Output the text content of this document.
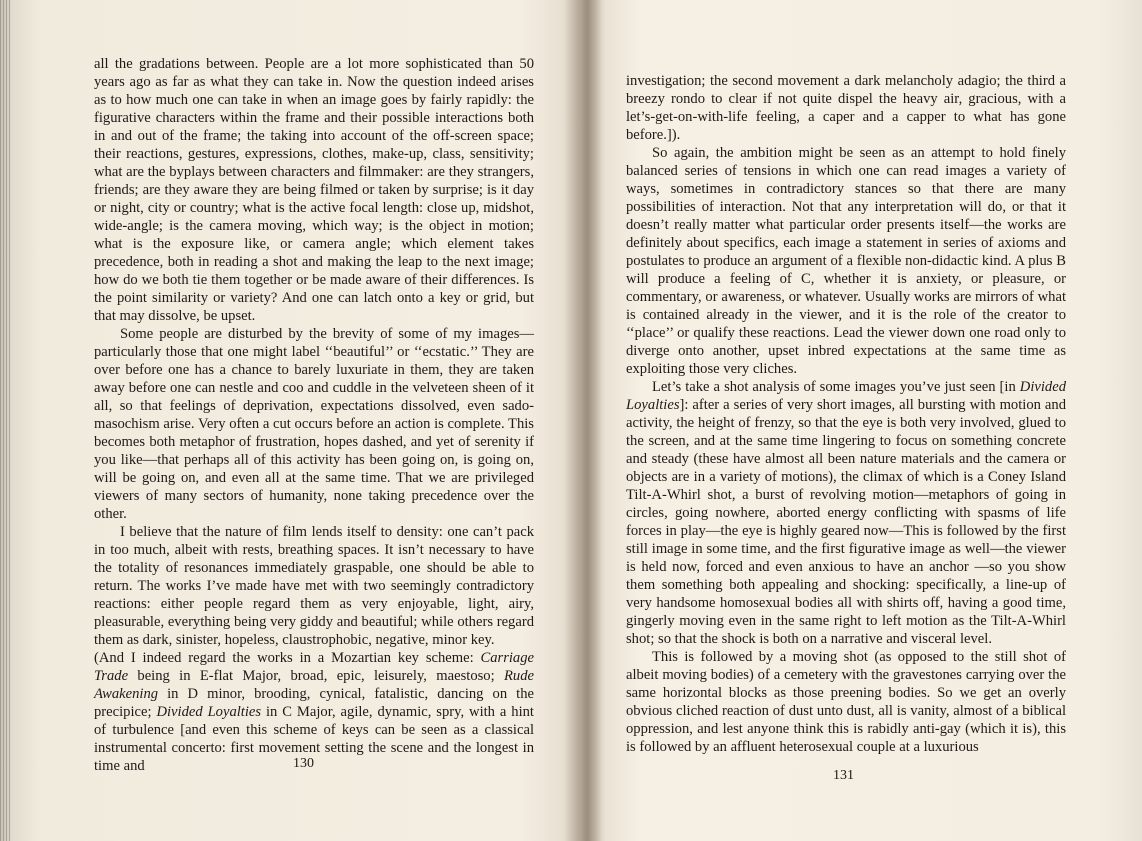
all the gradations between. People are a lot more sophisticated than 50 years ago as far as what they can take in. Now the question indeed arises as to how much one can take in when an image goes by fairly rapidly: the figurative characters within the frame and their possible interactions both in and out of the frame; the taking into account of the off-screen space; their reactions, gestures, expressions, clothes, make-up, class, sensitivity; what are the byplays between characters and filmmaker: are they strangers, friends; are they aware they are being filmed or taken by surprise; is it day or night, city or country; what is the active focal length: close up, midshot, wide-angle; is the camera moving, which way; is the object in motion; what is the exposure like, or camera angle; which element takes precedence, both in reading a shot and making the leap to the next image; how do we both tie them together or be made aware of their differences. Is the point similarity or variety? And one can latch onto a key or grid, but that may dissolve, be upset.

Some people are disturbed by the brevity of some of my images— particularly those that one might label ‘‘beautiful’’ or ‘‘ecstatic.’’ They are over before one has a chance to barely luxuriate in them, they are taken away before one can nestle and coo and cuddle in the velveteen sheen of it all, so that feelings of deprivation, expectations dissolved, even sado-masochism arise. Very often a cut occurs before an action is complete. This becomes both metaphor of frustration, hopes dashed, and yet of serenity if you like—that perhaps all of this activity has been going on, is going on, will be going on, and even all at the same time. That we are privileged viewers of many sectors of humanity, none taking precedence over the other.

I believe that the nature of film lends itself to density: one can’t pack in too much, albeit with rests, breathing spaces. It isn’t necessary to have the totality of resonances immediately graspable, one should be able to return. The works I’ve made have met with two seemingly contradictory reactions: either people regard them as very enjoyable, light, airy, pleasurable, everything being very giddy and beautiful; while others regard them as dark, sinister, hopeless, claustrophobic, negative, minor key.

(And I indeed regard the works in a Mozartian key scheme: Carriage Trade being in E-flat Major, broad, epic, leisurely, maestoso; Rude Awakening in D minor, brooding, cynical, fatalistic, dancing on the precipice; Divided Loyalties in C Major, agile, dynamic, spry, with a hint of turbulence [and even this scheme of keys can be seen as a classical instrumental concerto: first movement setting the scene and the longest in time and	130

investigation; the second movement a dark melancholy adagio; the third a breezy rondo to clear if not quite dispel the heavy air, gracious, with a let’s-get-on-with-life feeling, a caper and a capper to what has gone before.]).

So again, the ambition might be seen as an attempt to hold finely balanced series of tensions in which one can read images a variety of ways, sometimes in contradictory stances so that there are many possibilities of interaction. Not that any interpretation will do, or that it doesn’t really matter what particular order presents itself—the works are definitely about specifics, each image a statement in series of axioms and postulates to produce an argument of a flexible non-didactic kind. A plus B will produce a feeling of C, whether it is anxiety, or pleasure, or commentary, or awareness, or whatever. Usually works are mirrors of what is contained already in the viewer, and it is the role of the creator to ‘‘place’’ or qualify these reactions. Lead the viewer down one road only to diverge onto another, upset inbred expectations at the same time as exploiting those very cliches.

Let’s take a shot analysis of some images you’ve just seen [in Divided Loyalties]: after a series of very short images, all bursting with motion and activity, the height of frenzy, so that the eye is both very involved, glued to the screen, and at the same time lingering to focus on something concrete and steady (these have almost all been nature materials and the camera or objects are in a variety of motions), the climax of which is a Coney Island Tilt-A-Whirl shot, a burst of revolving motion—metaphors of going in circles, going nowhere, aborted energy conflicting with spasms of life forces in play—the eye is highly geared now—This is followed by the first still image in some time, and the first figurative image as well—the viewer is held now, forced and even anxious to have an anchor —so you show them something both appealing and shocking: specifically, a line-up of very handsome homosexual bodies all with shirts off, having a good time, gingerly moving even in the same right to left motion as the Tilt-A-Whirl shot; so that the shock is both on a narrative and visceral level.

This is followed by a moving shot (as opposed to the still shot of albeit moving bodies) of a cemetery with the gravestones carrying over the same horizontal blocks as those preening bodies. So we get an overly obvious cliched reaction of dust unto dust, all is vanity, almost of a biblical oppression, and lest anyone think this is rabidly anti-gay (which it is), this is followed by an affluent heterosexual couple at a luxurious

131
